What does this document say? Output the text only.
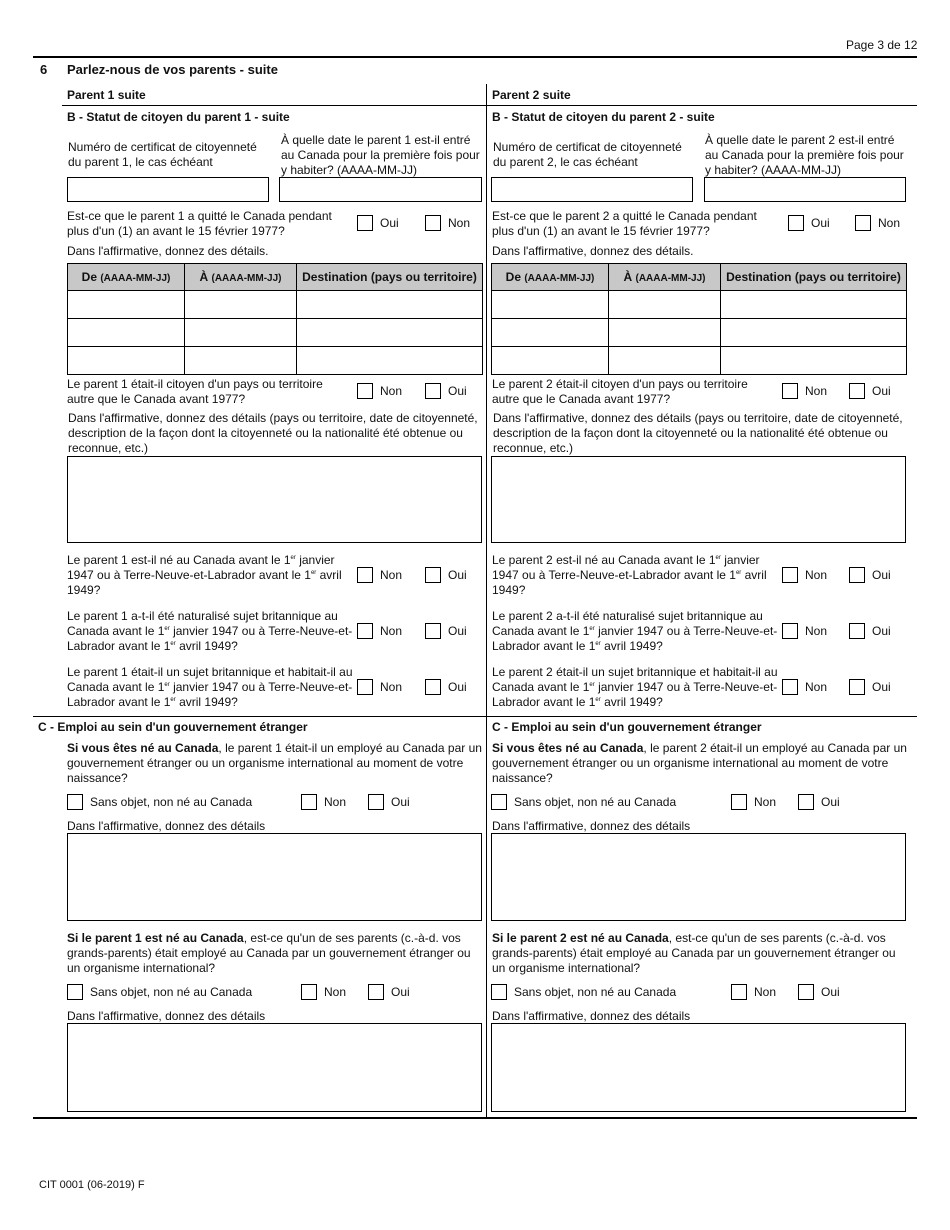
Page 3 de 12
6 Parlez-nous de vos parents - suite
Parent 1 suite	Parent 2 suite
B - Statut de citoyen du parent 1 - suite
Numéro de certificat de citoyenneté du parent 1, le cas échéant
À quelle date le parent 1 est-il entré au Canada pour la première fois pour y habiter? (AAAA-MM-JJ)
Est-ce que le parent 1 a quitté le Canada pendant plus d'un (1) an avant le 15 février 1977?
Oui	Non
Dans l'affirmative, donnez des détails.
De (AAAA-MM-JJ)	À (AAAA-MM-JJ)	Destination (pays ou territoire)

Le parent 1 était-il citoyen d'un pays ou territoire autre que le Canada avant 1977?
Non	Oui
Dans l'affirmative, donnez des détails (pays ou territoire, date de citoyenneté, description de la façon dont la citoyenneté ou la nationalité été obtenue ou reconnue, etc.)
Le parent 1 est-il né au Canada avant le 1er janvier 1947 ou à Terre-Neuve-et-Labrador avant le 1er avril 1949?
Non	Oui
Le parent 1 a-t-il été naturalisé sujet britannique au Canada avant le 1er janvier 1947 ou à Terre-Neuve-et-Labrador avant le 1er avril 1949?
Non	Oui
Le parent 1 était-il un sujet britannique et habitait-il au Canada avant le 1er janvier 1947 ou à Terre-Neuve-et-Labrador avant le 1er avril 1949?
Non	Oui
B - Statut de citoyen du parent 2 - suite
Numéro de certificat de citoyenneté du parent 2, le cas échéant
À quelle date le parent 2 est-il entré au Canada pour la première fois pour y habiter? (AAAA-MM-JJ)
Est-ce que le parent 2 a quitté le Canada pendant plus d'un (1) an avant le 15 février 1977?
Oui	Non
Dans l'affirmative, donnez des détails.
De (AAAA-MM-JJ)	À (AAAA-MM-JJ)	Destination (pays ou territoire)

Le parent 2 était-il citoyen d'un pays ou territoire autre que le Canada avant 1977?
Non	Oui
Dans l'affirmative, donnez des détails (pays ou territoire, date de citoyenneté, description de la façon dont la citoyenneté ou la nationalité été obtenue ou reconnue, etc.)
Le parent 2 est-il né au Canada avant le 1er janvier 1947 ou à Terre-Neuve-et-Labrador avant le 1er avril 1949?
Non	Oui
Le parent 2 a-t-il été naturalisé sujet britannique au Canada avant le 1er janvier 1947 ou à Terre-Neuve-et-Labrador avant le 1er avril 1949?
Non	Oui
Le parent 2 était-il un sujet britannique et habitait-il au Canada avant le 1er janvier 1947 ou à Terre-Neuve-et-Labrador avant le 1er avril 1949?
Non	Oui
C - Emploi au sein d'un gouvernement étranger
Si vous êtes né au Canada, le parent 1 était-il un employé au Canada par un gouvernement étranger ou un organisme international au moment de votre naissance?
Sans objet, non né au Canada	Non	Oui
Dans l'affirmative, donnez des détails
Si le parent 1 est né au Canada, est-ce qu'un de ses parents (c.-à-d. vos grands-parents) était employé au Canada par un gouvernement étranger ou un organisme international?
Sans objet, non né au Canada	Non	Oui
Dans l'affirmative, donnez des détails
C - Emploi au sein d'un gouvernement étranger
Si vous êtes né au Canada, le parent 2 était-il un employé au Canada par un gouvernement étranger ou un organisme international au moment de votre naissance?
Sans objet, non né au Canada	Non	Oui
Dans l'affirmative, donnez des détails
Si le parent 2 est né au Canada, est-ce qu'un de ses parents (c.-à-d. vos grands-parents) était employé au Canada par un gouvernement étranger ou un organisme international?
Sans objet, non né au Canada	Non	Oui
Dans l'affirmative, donnez des détails
CIT 0001 (06-2019) F
